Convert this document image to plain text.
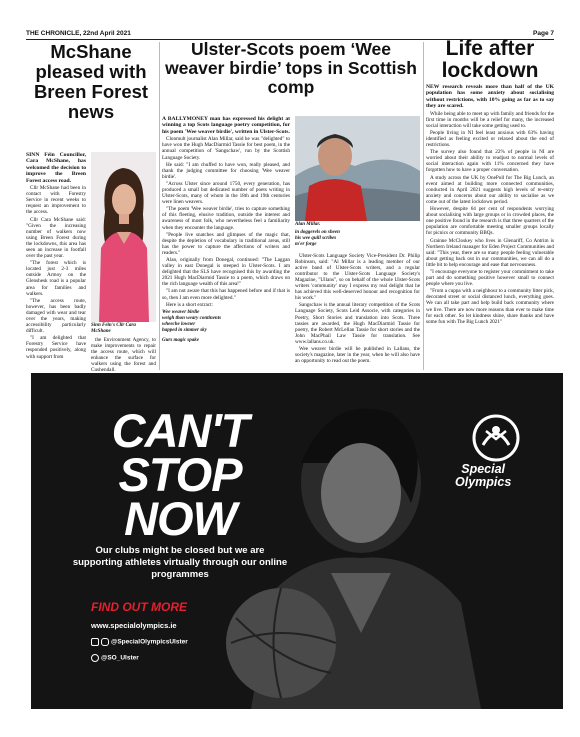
THE CHRONICLE, 22nd April 2021	Page 7
McShane pleased with Breen Forest news

SINN Féin Councillor, Cara McShane, has welcomed the decision to improve the Breen Forest access road.

Cllr McShane had been in contact with Forestry Service in recent weeks to request an improvement to the access.

Cllr Cara McShane said: "Given the increasing number of walkers now using Breen Forest during the lockdowns, this area has seen an increase in footfall over the past year.

"The forest which is located just 2-3 miles outside Armoy on the Glenshesk road is a popular area for families and walkers.

"The access route, however, has been badly damaged with wear and tear over the years, making accessibility particularly difficult.

"I am delighted that Forestry Service have responded positively, along with support from

Sinn Féin's Cllr Cara McShane

the Environment Agency, to make improvements to repair the access route, which will enhance the surface for walkers using the forest and Cushendall.

Ulster-Scots poem ‘Wee weaver birdie’ tops in Scottish comp

A BALLYMONEY man has expressed his delight at winning a top Scots language poetry competition, for his poem 'Wee weaver birdie', written in Ulster-Scots.

Clonmult journalist Alan Millar, said he was "delighted" to have won the Hugh MacDiarmid Tassie for best poem, in the annual competition of 'Sangschaw', run by the Scottish Language Society.

He said: "I am chuffed to have won, really pleased, and thank the judging committee for choosing 'Wee weaver birdie'.

"Across Ulster since around 1750, every generation, has produced a small but dedicated number of poets writing in Ulster-Scots, many of whom in the 18th and 19th centuries were linen weavers.

"The poem 'Wee weaver birdie', tries to capture something of this fleeting, elusive tradition, outside the interest and awareness of most folk, who nevertheless feel a familiarity when they encounter the language.

"People live snatches and glimpses of the magic that, despite the depletion of vocabulary in traditional areas, still has the power to capture the affections of writers and readers."

Alan, originally from Donegal, continued: "The Laggan valley in east Donegal is steeped in Ulster-Scots. I am delighted that the SLS have recognised this by awarding the 2021 Hugh MacDiarmid Tassie to a poem, which draws on the rich language wealth of this area!"

"I am not aware that this has happened before and if that is so, then I am even more delighted."

Here is a short extract:

Wee weaver birdie
weigh thon weary continents
wheeche lowner
happed in simmer sky
Gurs magic spake
Alan Millar.
in doggerels on sheen
his wee quill scribes
m'er forge

Ulster-Scots Language Society Vice-President Dr. Philip Robinson, said: "Al Millar is a leading member of our active band of Ulster-Scots writers, and a regular contributor to the Ulster-Scots Language Society's Magazine, "Ullans", so on behalf of the whole Ulster-Scots writers 'community' may I express my real delight that he has achieved this well-deserved honour and recognition for his work."

Sangschaw is the annual literary competition of the Scots Language Society, Scots Leid Associe, with categories in Poetry, Short Stories and translation into Scots. Three tassies are awarded, the Hugh MacDiarmid Tassie for poetry, the Robert McLellan Tassie for short stories and the John MacPhail Law Tassie for translation. See www.lallans.co.uk.

Wee weaver birdie will be published in Lallans, the society's magazine, later in the year, when he will also have an opportunity to read out the poem.

Life after lockdown

NEW research reveals more than half of the UK population has some anxiety about socialising without restrictions, with 10% going as far as to say they are scared.

While being able to meet up with family and friends for the first time in months will be a relief for many, the increased social interaction will take some getting used to.

People living in NI feel least anxious with 63% having identified as feeling excited or relaxed about the end of restrictions.

The survey also found that 22% of people in NI are worried about their ability to readjust to normal levels of social interaction again with 11% concerned they have forgotten how to have a proper conversation.

A study across the UK by OnePoll for The Big Lunch, an event aimed at building more connected communities, conducted in April 2021 suggests high levels of re-entry anxiety and concerns about our ability to socialise as we come out of the latest lockdown period.

However, despite 64 per cent of respondents worrying about socialising with large groups or in crowded places, the one positive found in the research is that three quarters of the population are comfortable meeting smaller groups locally for picnics or community BBQs.

Grainne McCloskey who lives in Glenariff, Co Antrim is Northern Ireland manager for Eden Project Communities and said: "This year, there are so many people feeling vulnerable about getting back out in our communities, we can all do a little bit to help encourage and ease that nervousness.

"I encourage everyone to register your commitment to take part and do something positive however small to connect people where you live.

"From a cuppa with a neighbour to a community litter pick, decorated street or social distanced lunch, everything goes. We can all take part and help build back community where we live. There are now more reasons than ever to make time for each other. So let kindness shine, share thanks and have some fun with The Big Lunch 2021"

CAN'T
STOP
NOW
Our clubs might be closed but we are supporting athletes virtually through our online programmes
FIND OUT MORE
www.specialolympics.ie
@SpecialOlympicsUlster
@SO_Ulster
Special
Olympics
